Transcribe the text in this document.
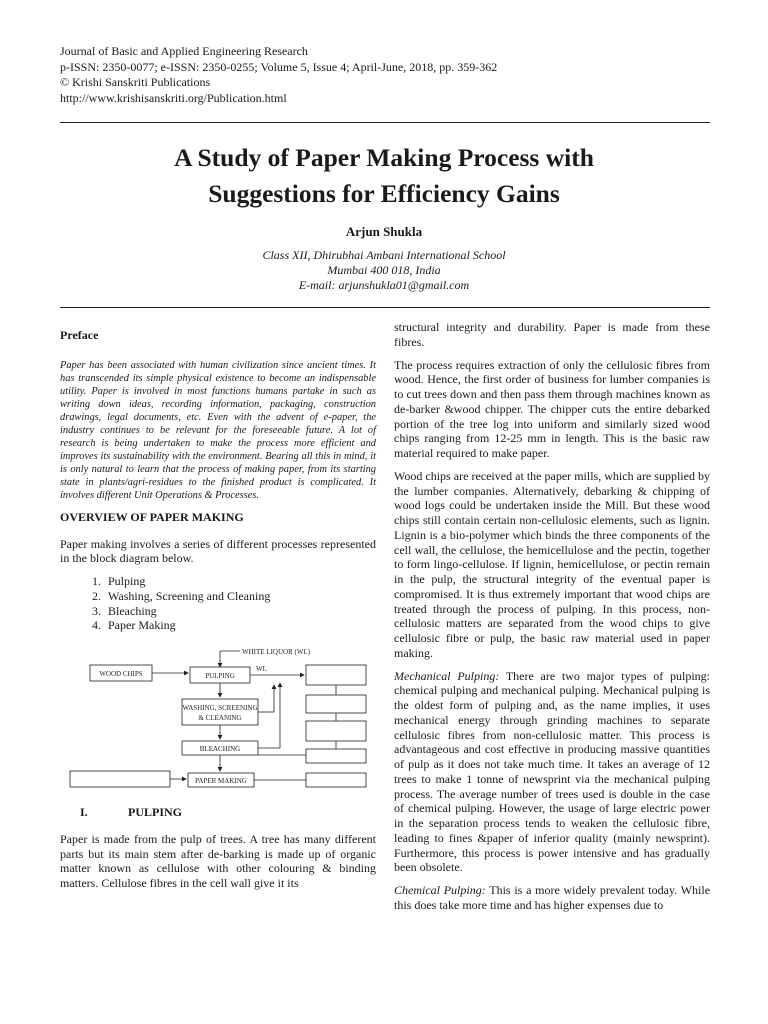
Journal of Basic and Applied Engineering Research
p-ISSN: 2350-0077; e-ISSN: 2350-0255; Volume 5, Issue 4; April-June, 2018, pp. 359-362
© Krishi Sanskriti Publications
http://www.krishisanskriti.org/Publication.html
A Study of Paper Making Process with
Suggestions for Efficiency Gains
Arjun Shukla
Class XII, Dhirubhai Ambani International School
Mumbai 400 018, India
E-mail: arjunshukla01@gmail.com
Preface

Paper has been associated with human civilization since ancient times. It has transcended its simple physical existence to become an indispensable utility. Paper is involved in most functions humans partake in such as writing down ideas, recording information, packaging, construction drawings, legal documents, etc. Even with the advent of e-paper, the industry continues to be relevant for the foreseeable future. A lot of research is being undertaken to make the process more efficient and improves its sustainability with the environment. Bearing all this in mind, it is only natural to learn that the process of making paper, from its starting state in plants/agri-residues to the finished product is complicated. It involves different Unit Operations & Processes.

OVERVIEW OF PAPER MAKING

Paper making involves a series of different processes represented in the block diagram below.

1. Pulping
2. Washing, Screening and Cleaning
3. Bleaching
4. Paper Making
WHITE LIQUOR (WL)
WOOD CHIPS	PULPING
WL
WASHING, SCREENING
& CLEANING
BLEACHING
PAPER MAKING
I.	PULPING

Paper is made from the pulp of trees. A tree has many different parts but its main stem after de-barking is made up of organic matter known as cellulose with other colouring & binding matters. Cellulose fibres in the cell wall give it its

structural integrity and durability. Paper is made from these fibres.

The process requires extraction of only the cellulosic fibres from wood. Hence, the first order of business for lumber companies is to cut trees down and then pass them through machines known as de-barker &wood chipper. The chipper cuts the entire debarked portion of the tree log into uniform and similarly sized wood chips ranging from 12-25 mm in length. This is the basic raw material required to make paper.

Wood chips are received at the paper mills, which are supplied by the lumber companies. Alternatively, debarking & chipping of wood logs could be undertaken inside the Mill. But these wood chips still contain certain non-cellulosic elements, such as lignin. Lignin is a bio-polymer which binds the three components of the cell wall, the cellulose, the hemicellulose and the pectin, together to form lingo-cellulose. If lignin, hemicellulose, or pectin remain in the pulp, the structural integrity of the eventual paper is compromised. It is thus extremely important that wood chips are treated through the process of pulping. In this process, non-cellulosic matters are separated from the wood chips to give cellulosic fibre or pulp, the basic raw material used in paper making.

Mechanical Pulping: There are two major types of pulping: chemical pulping and mechanical pulping. Mechanical pulping is the oldest form of pulping and, as the name implies, it uses mechanical energy through grinding machines to separate cellulosic fibres from non-cellulosic matter. This process is advantageous and cost effective in producing massive quantities of pulp as it does not take much time. It takes an average of 12 trees to make 1 tonne of newsprint via the mechanical pulping process. The average number of trees used is double in the case of chemical pulping. However, the usage of large electric power in the separation process tends to weaken the cellulosic fibre, leading to fines &paper of inferior quality (mainly newsprint). Furthermore, this process is power intensive and has gradually been obsolete.

Chemical Pulping: This is a more widely prevalent today. While this does take more time and has higher expenses due to
